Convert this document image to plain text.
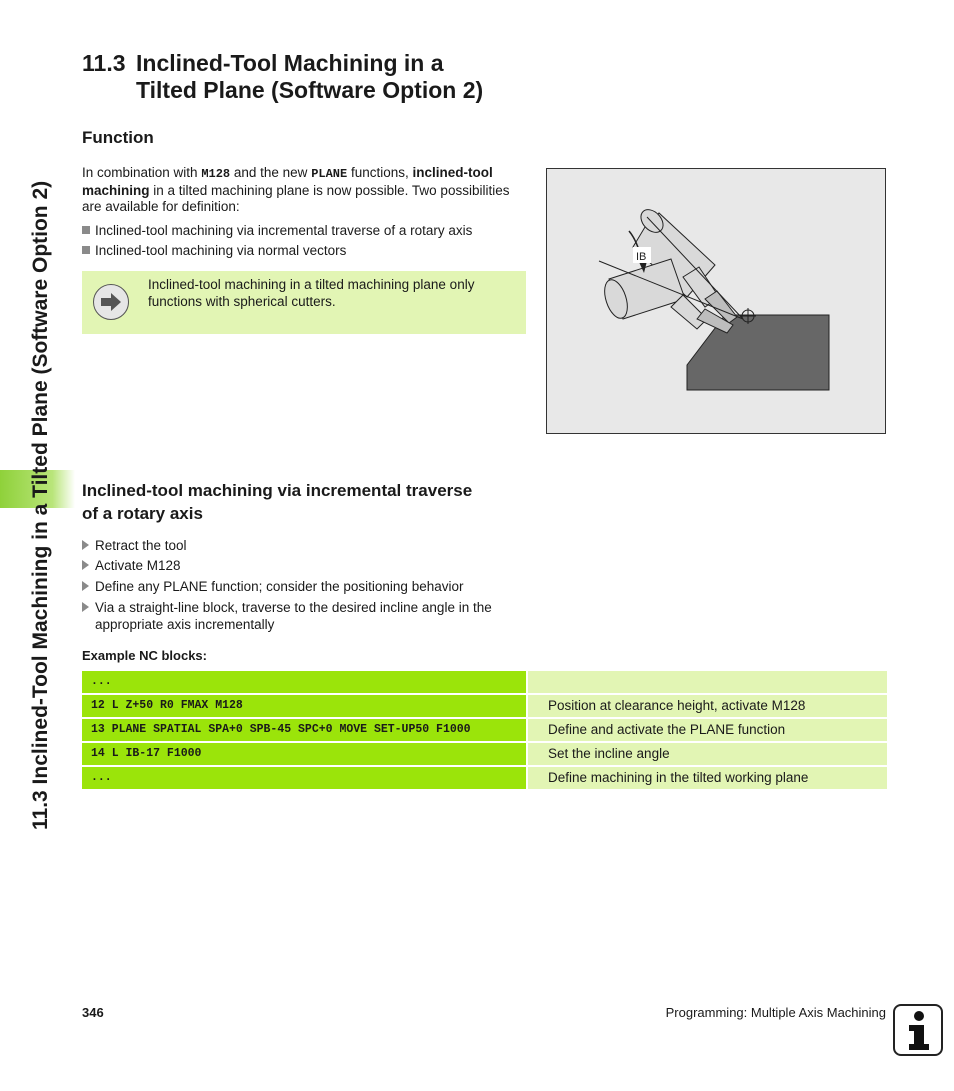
11.3 Inclined-Tool Machining in a Tilted Plane (Software Option 2)
11.3 Inclined-Tool Machining in a
Tilted Plane (Software Option 2)
Function
In combination with M128 and the new PLANE functions, inclined-tool machining in a tilted machining plane is now possible. Two possibilities are available for definition:
Inclined-tool machining via incremental traverse of a rotary axis
Inclined-tool machining via normal vectors
Inclined-tool machining in a tilted machining plane only functions with spherical cutters.
IB
Inclined-tool machining via incremental traverse
of a rotary axis
Retract the tool
Activate M128
Define any PLANE function; consider the positioning behavior
Via a straight-line block, traverse to the desired incline angle in the appropriate axis incrementally
Example NC blocks:
...
12 L Z+50 R0 FMAX M128	Position at clearance height, activate M128
13 PLANE SPATIAL SPA+0 SPB-45 SPC+0 MOVE SET-UP50 F1000	Define and activate the PLANE function
14 L IB-17 F1000	Set the incline angle
...	Define machining in the tilted working plane
346	Programming: Multiple Axis Machining
